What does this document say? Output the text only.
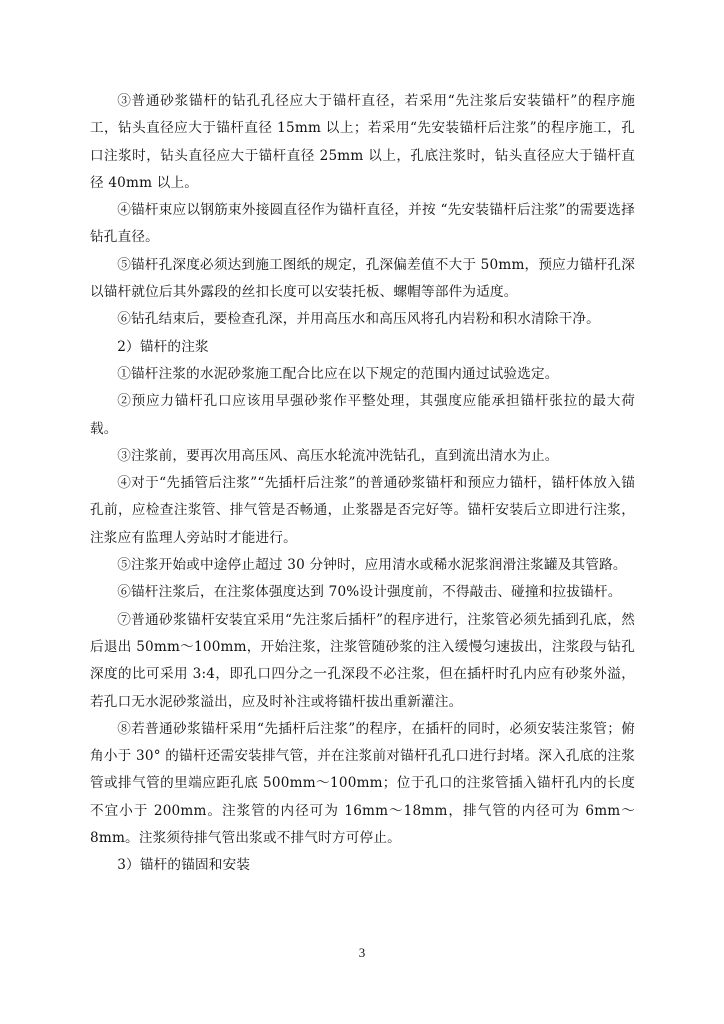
③普通砂浆锚杆的钻孔孔径应大于锚杆直径，若采用“先注浆后安装锚杆”的程序施工，钻头直径应大于锚杆直径 15mm 以上；若采用“先安装锚杆后注浆”的程序施工，孔口注浆时，钻头直径应大于锚杆直径 25mm 以上，孔底注浆时，钻头直径应大于锚杆直径 40mm 以上。

④锚杆束应以钢筋束外接圆直径作为锚杆直径，并按 “先安装锚杆后注浆”的需要选择钻孔直径。

⑤锚杆孔深度必须达到施工图纸的规定，孔深偏差值不大于 50mm，预应力锚杆孔深以锚杆就位后其外露段的丝扣长度可以安装托板、螺帽等部件为适度。

⑥钻孔结束后，要检查孔深，并用高压水和高压风将孔内岩粉和积水清除干净。

2）锚杆的注浆

①锚杆注浆的水泥砂浆施工配合比应在以下规定的范围内通过试验选定。

②预应力锚杆孔口应该用早强砂浆作平整处理，其强度应能承担锚杆张拉的最大荷载。

③注浆前，要再次用高压风、高压水轮流冲洗钻孔，直到流出清水为止。

④对于“先插管后注浆”“先插杆后注浆”的普通砂浆锚杆和预应力锚杆，锚杆体放入锚孔前，应检查注浆管、排气管是否畅通，止浆器是否完好等。锚杆安装后立即进行注浆，注浆应有监理人旁站时才能进行。

⑤注浆开始或中途停止超过 30 分钟时，应用清水或稀水泥浆润滑注浆罐及其管路。

⑥锚杆注浆后，在注浆体强度达到 70%设计强度前，不得敲击、碰撞和拉拔锚杆。

⑦普通砂浆锚杆安装宜采用“先注浆后插杆”的程序进行，注浆管必须先插到孔底，然后退出 50mm～100mm，开始注浆，注浆管随砂浆的注入缓慢匀速拔出，注浆段与钻孔深度的比可采用 3:4，即孔口四分之一孔深段不必注浆，但在插杆时孔内应有砂浆外溢，若孔口无水泥砂浆溢出，应及时补注或将锚杆拔出重新灌注。

⑧若普通砂浆锚杆采用“先插杆后注浆”的程序，在插杆的同时，必须安装注浆管；俯角小于 30° 的锚杆还需安装排气管，并在注浆前对锚杆孔孔口进行封堵。深入孔底的注浆管或排气管的里端应距孔底 500mm～100mm；位于孔口的注浆管插入锚杆孔内的长度不宜小于 200mm。注浆管的内径可为 16mm～18mm，排气管的内径可为 6mm～8mm。注浆须待排气管出浆或不排气时方可停止。

3）锚杆的锚固和安装

3
